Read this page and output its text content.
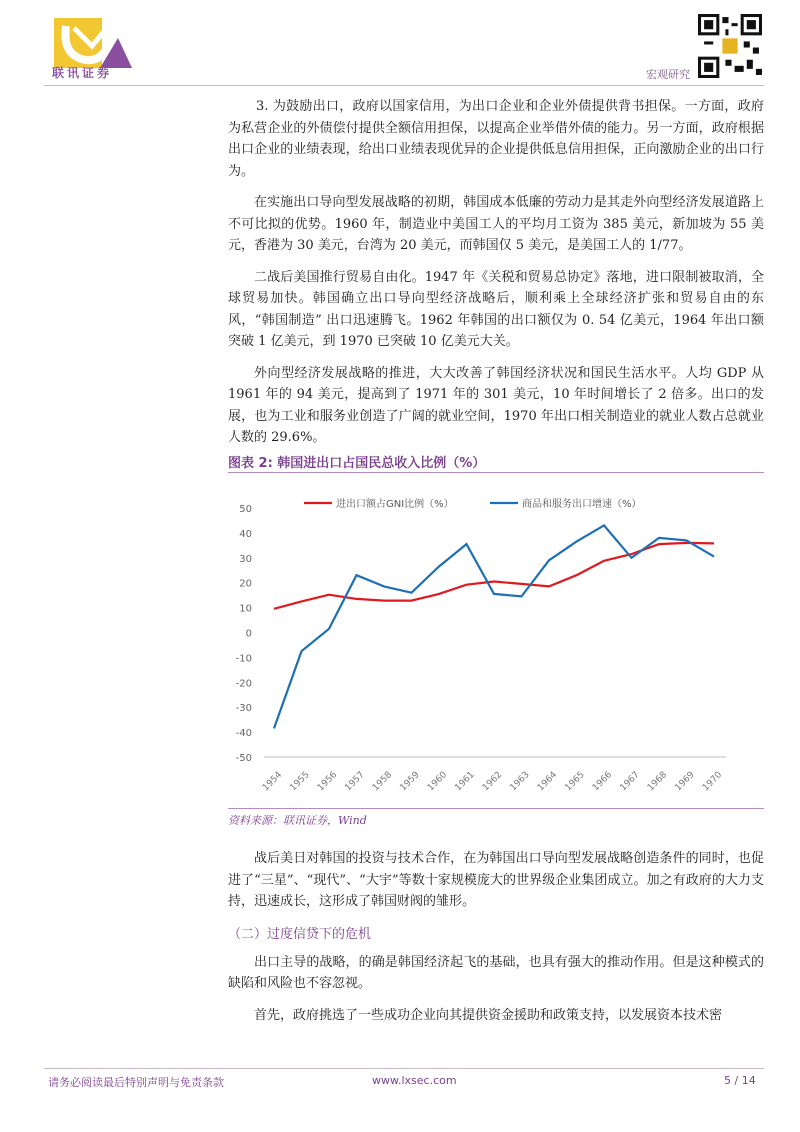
联讯证券	宏观研究

3. 为鼓励出口，政府以国家信用，为出口企业和企业外债提供背书担保。一方面，政府为私营企业的外债偿付提供全额信用担保，以提高企业举借外债的能力。另一方面，政府根据出口企业的业绩表现，给出口业绩表现优异的企业提供低息信用担保，正向激励企业的出口行为。

在实施出口导向型发展战略的初期，韩国成本低廉的劳动力是其走外向型经济发展道路上不可比拟的优势。1960 年，制造业中美国工人的平均月工资为 385 美元，新加坡为 55 美元，香港为 30 美元，台湾为 20 美元，而韩国仅 5 美元，是美国工人的 1/77。

二战后美国推行贸易自由化。1947 年《关税和贸易总协定》落地，进口限制被取消，全球贸易加快。韩国确立出口导向型经济战略后，顺利乘上全球经济扩张和贸易自由的东风，“韩国制造” 出口迅速腾飞。1962 年韩国的出口额仅为 0. 54 亿美元，1964 年出口额突破 1 亿美元，到 1970 已突破 10 亿美元大关。

外向型经济发展战略的推进，大大改善了韩国经济状况和国民生活水平。人均 GDP 从 1961 年的 94 美元，提高到了 1971 年的 301 美元，10 年时间增长了 2 倍多。出口的发展，也为工业和服务业创造了广阔的就业空间，1970 年出口相关制造业的就业人数占总就业人数的 29.6%。

图表 2: 韩国进出口占国民总收入比例（%）
进出口额占GNI比例（%）	商品和服务出口增速（%）
50
40
30
20
10
0
-10
-20
-30
-40
-50
1954 1955 1956 1957 1958 1959 1960 1961 1962 1963 1964 1965 1966 1967 1968 1969 1970
资料来源：联讯证券，Wind

战后美日对韩国的投资与技术合作，在为韩国出口导向型发展战略创造条件的同时，也促进了“三星”、“现代”、“大宇”等数十家规模庞大的世界级企业集团成立。加之有政府的大力支持，迅速成长，这形成了韩国财阀的雏形。

（二）过度信贷下的危机

出口主导的战略，的确是韩国经济起飞的基础，也具有强大的推动作用。但是这种模式的缺陷和风险也不容忽视。

首先，政府挑选了一些成功企业向其提供资金援助和政策支持，以发展资本技术密

请务必阅读最后特别声明与免责条款	www.lxsec.com	5 / 14
